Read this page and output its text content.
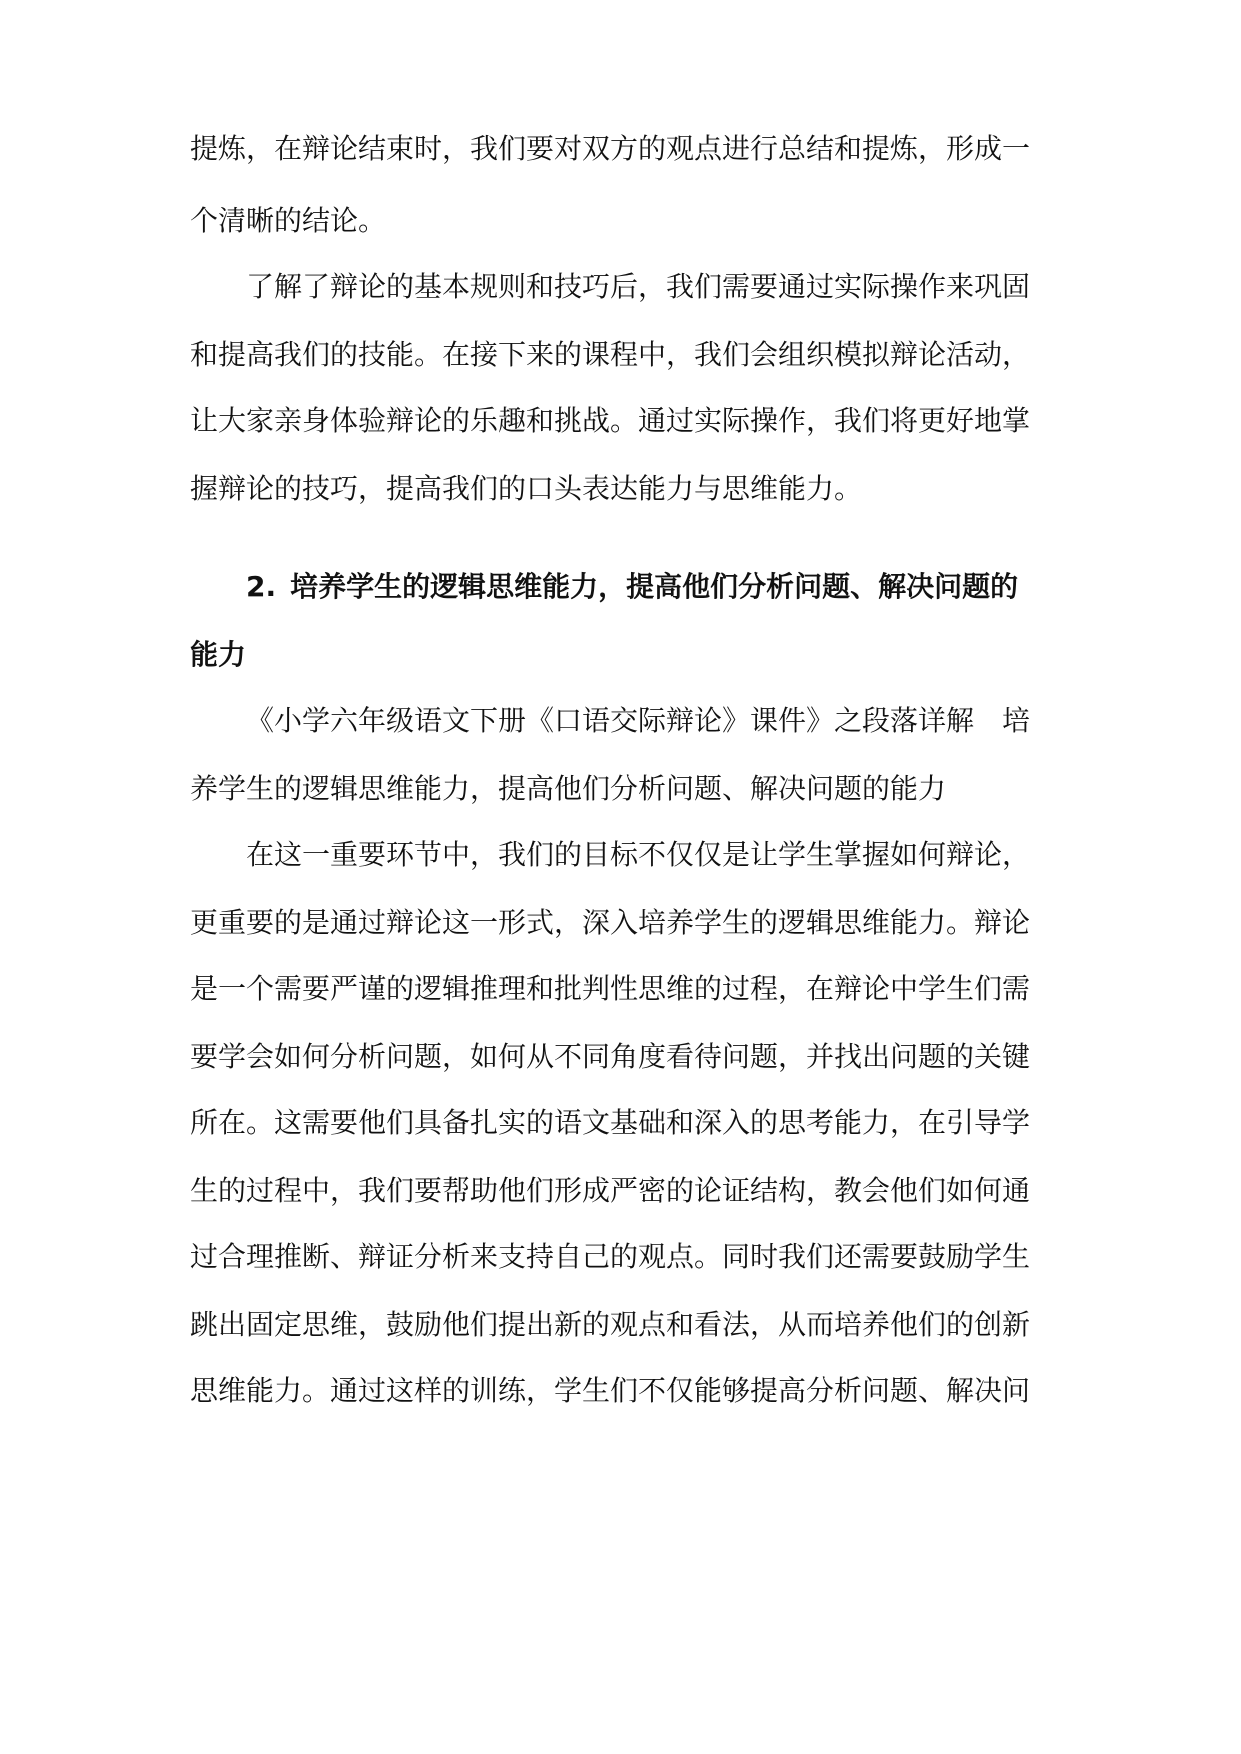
提炼，在辩论结束时，我们要对双方的观点进行总结和提炼，形成一
个清晰的结论。
了解了辩论的基本规则和技巧后，我们需要通过实际操作来巩固
和提高我们的技能。在接下来的课程中，我们会组织模拟辩论活动，
让大家亲身体验辩论的乐趣和挑战。通过实际操作，我们将更好地掌
握辩论的技巧，提高我们的口头表达能力与思维能力。
2. 培养学生的逻辑思维能力，提高他们分析问题、解决问题的
能力
《小学六年级语文下册《口语交际辩论》课件》之段落详解　培
养学生的逻辑思维能力，提高他们分析问题、解决问题的能力
在这一重要环节中，我们的目标不仅仅是让学生掌握如何辩论，
更重要的是通过辩论这一形式，深入培养学生的逻辑思维能力。辩论
是一个需要严谨的逻辑推理和批判性思维的过程，在辩论中学生们需
要学会如何分析问题，如何从不同角度看待问题，并找出问题的关键
所在。这需要他们具备扎实的语文基础和深入的思考能力，在引导学
生的过程中，我们要帮助他们形成严密的论证结构，教会他们如何通
过合理推断、辩证分析来支持自己的观点。同时我们还需要鼓励学生
跳出固定思维，鼓励他们提出新的观点和看法，从而培养他们的创新
思维能力。通过这样的训练，学生们不仅能够提高分析问题、解决问
